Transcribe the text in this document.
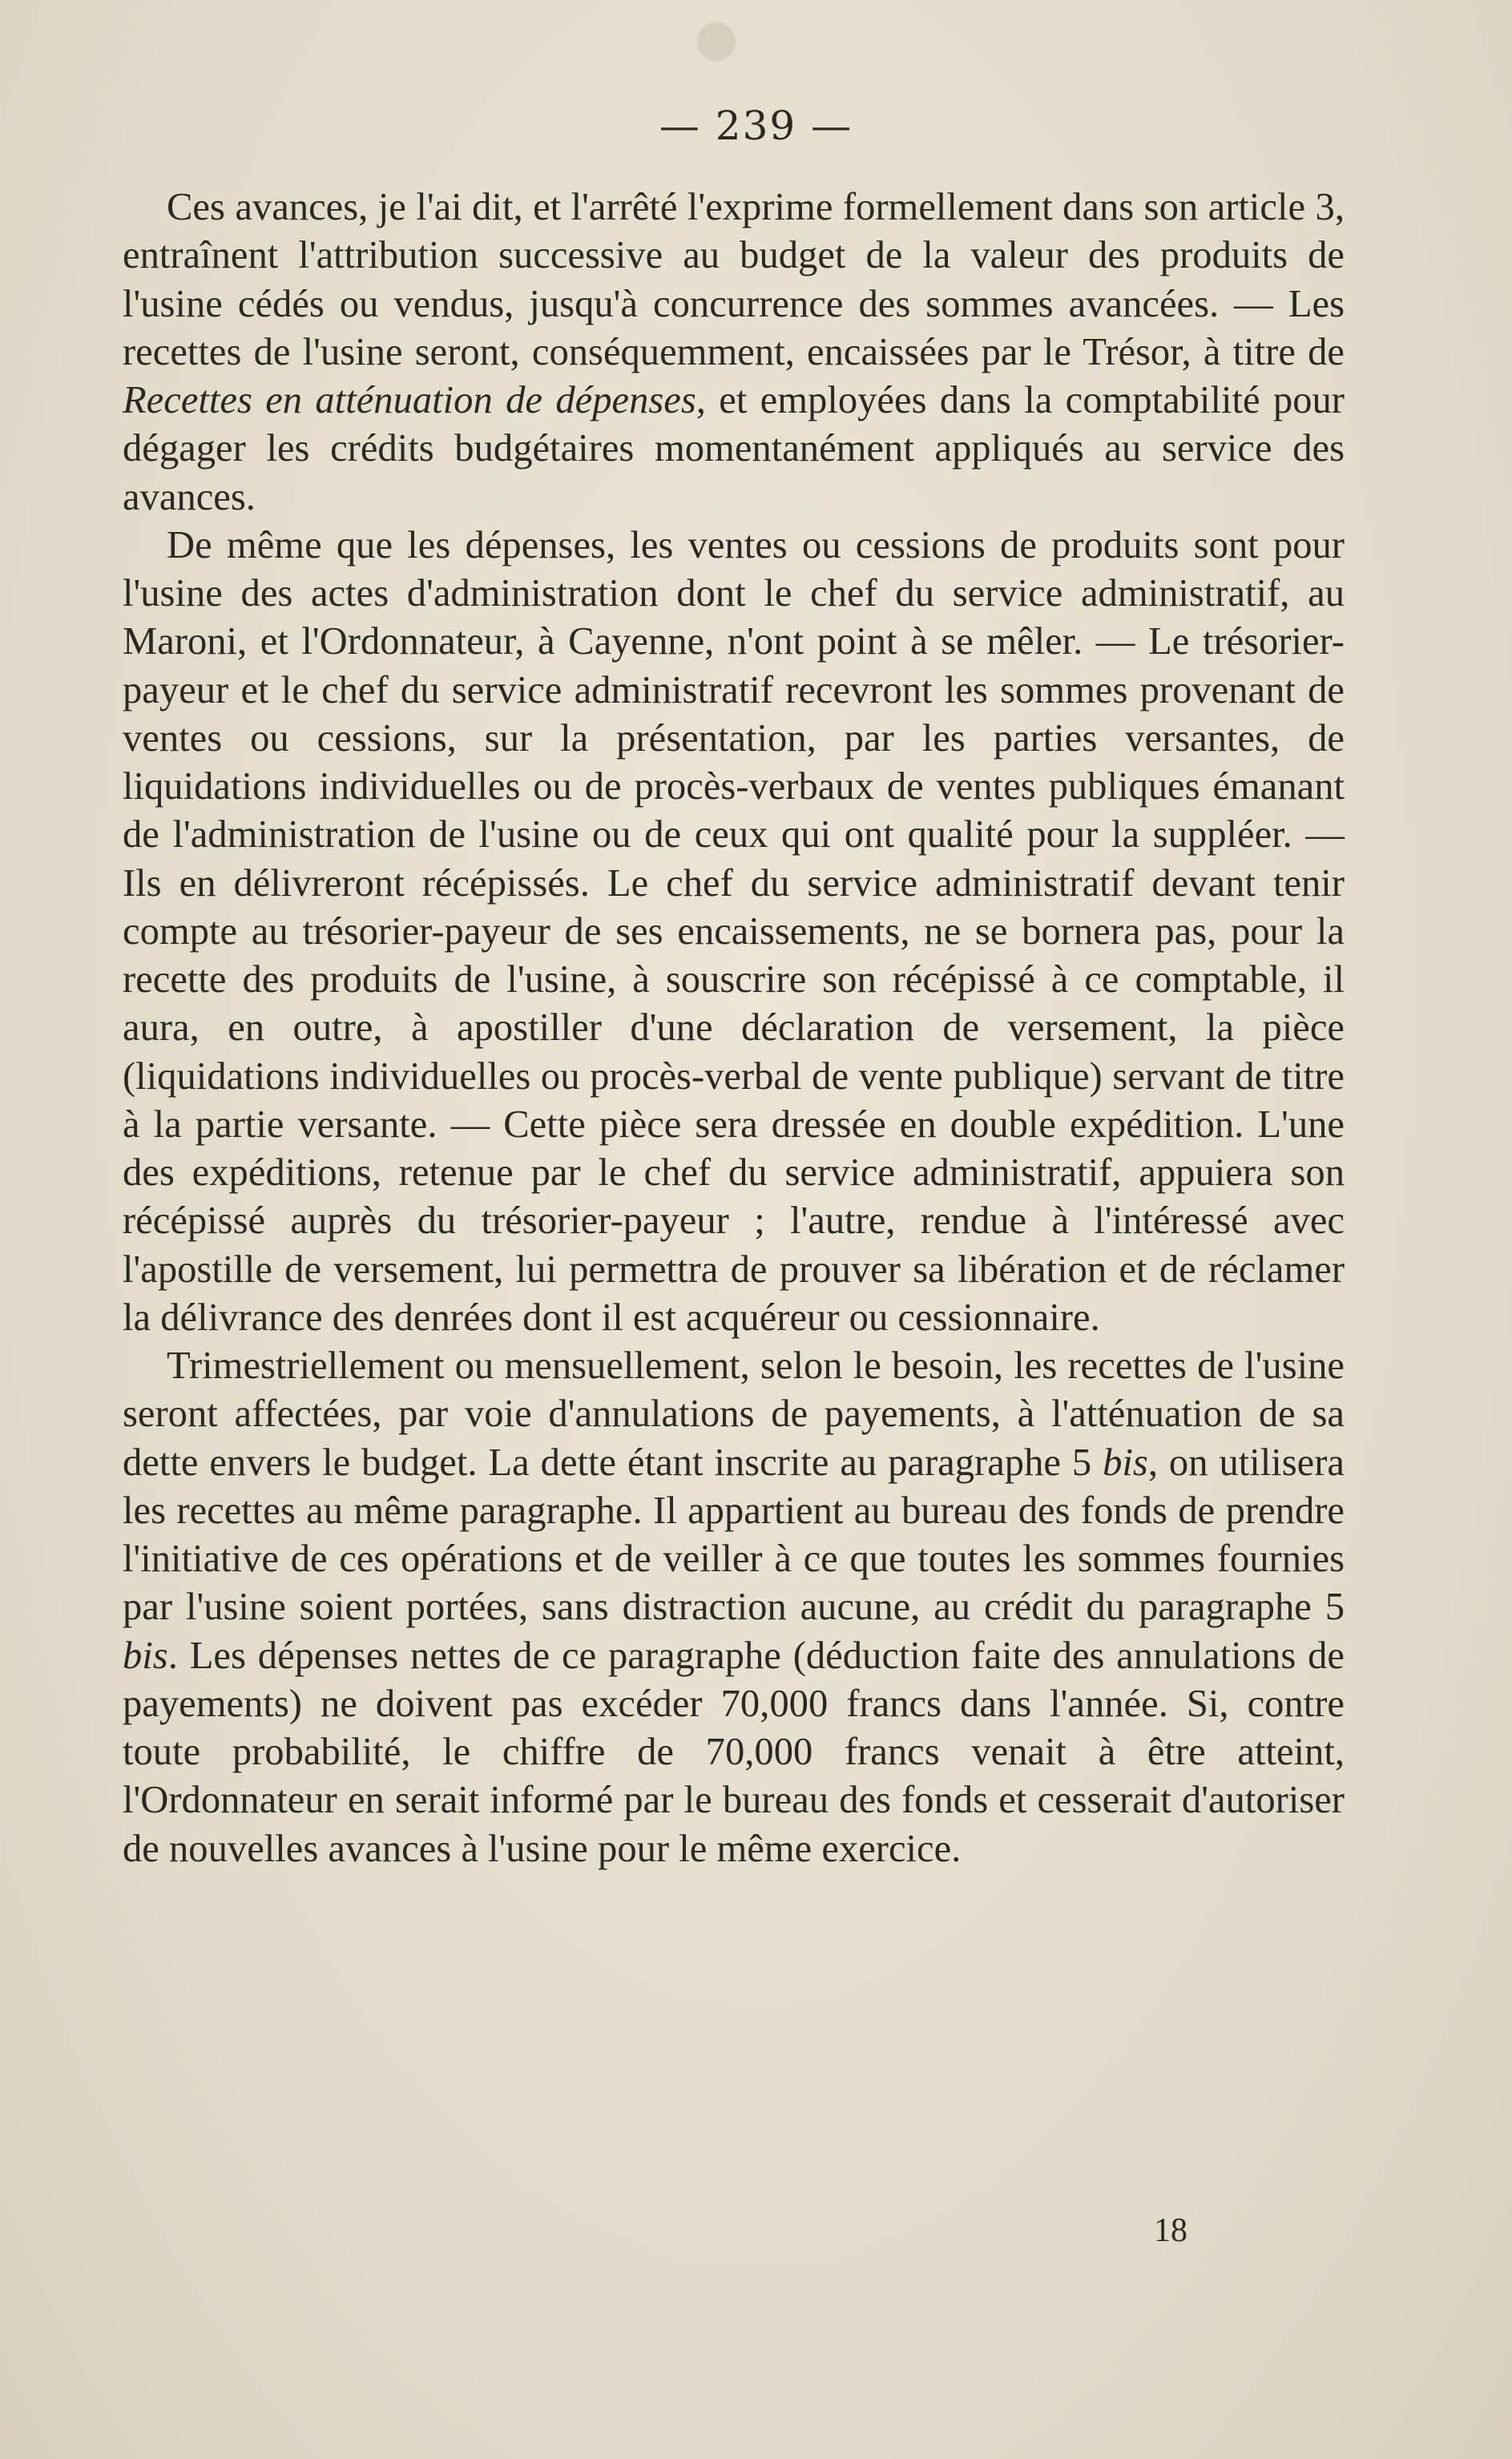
— 239 —

Ces avances, je l'ai dit, et l'arrêté l'exprime formellement dans son article 3, entraînent l'attribution successive au budget de la valeur des produits de l'usine cédés ou vendus, jusqu'à concurrence des sommes avancées. — Les recettes de l'usine seront, conséquemment, encaissées par le Trésor, à titre de Recettes en atténuation de dépenses, et employées dans la comptabilité pour dégager les crédits budgétaires momentanément appliqués au service des avances.

De même que les dépenses, les ventes ou cessions de produits sont pour l'usine des actes d'administration dont le chef du service administratif, au Maroni, et l'Ordonnateur, à Cayenne, n'ont point à se mêler. — Le trésorier-payeur et le chef du service administratif recevront les sommes provenant de ventes ou cessions, sur la présentation, par les parties versantes, de liquidations individuelles ou de procès-verbaux de ventes publiques émanant de l'administration de l'usine ou de ceux qui ont qualité pour la suppléer. — Ils en délivreront récépissés. Le chef du service administratif devant tenir compte au trésorier-payeur de ses encaissements, ne se bornera pas, pour la recette des produits de l'usine, à souscrire son récépissé à ce comptable, il aura, en outre, à apostiller d'une déclaration de versement, la pièce (liquidations individuelles ou procès-verbal de vente publique) servant de titre à la partie versante. — Cette pièce sera dressée en double expédition. L'une des expéditions, retenue par le chef du service administratif, appuiera son récépissé auprès du trésorier-payeur ; l'autre, rendue à l'intéressé avec l'apostille de versement, lui permettra de prouver sa libération et de réclamer la délivrance des denrées dont il est acquéreur ou cessionnaire.

Trimestriellement ou mensuellement, selon le besoin, les recettes de l'usine seront affectées, par voie d'annulations de payements, à l'atténuation de sa dette envers le budget. La dette étant inscrite au paragraphe 5 bis, on utilisera les recettes au même paragraphe. Il appartient au bureau des fonds de prendre l'initiative de ces opérations et de veiller à ce que toutes les sommes fournies par l'usine soient portées, sans distraction aucune, au crédit du paragraphe 5 bis. Les dépenses nettes de ce paragraphe (déduction faite des annulations de payements) ne doivent pas excéder 70,000 francs dans l'année. Si, contre toute probabilité, le chiffre de 70,000 francs venait à être atteint, l'Ordonnateur en serait informé par le bureau des fonds et cesserait d'autoriser de nouvelles avances à l'usine pour le même exercice.

18
